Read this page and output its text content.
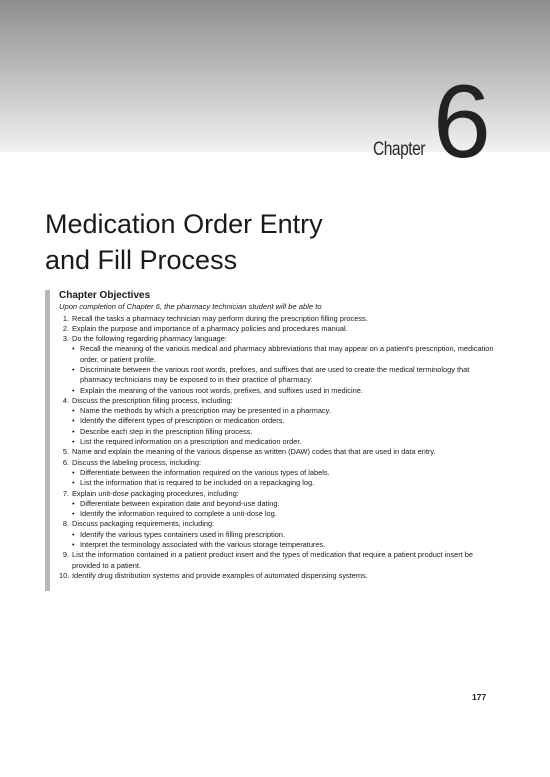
Chapter 6
Medication Order Entry
and Fill Process

Chapter Objectives

Upon completion of Chapter 6, the pharmacy technician student will be able to

1. Recall the tasks a pharmacy technician may perform during the prescription filling process.
2. Explain the purpose and importance of a pharmacy policies and procedures manual.
3. Do the following regarding pharmacy language:
• Recall the meaning of the various medical and pharmacy abbreviations that may appear on a patient's prescription, medication order, or patient profile.
• Discriminate between the various root words, prefixes, and suffixes that are used to create the medical terminology that pharmacy technicians may be exposed to in their practice of pharmacy.
• Explain the meaning of the various root words, prefixes, and suffixes used in medicine.
4. Discuss the prescription filling process, including:
• Name the methods by which a prescription may be presented in a pharmacy.
• Identify the different types of prescription or medication orders.
• Describe each step in the prescription filling process.
• List the required information on a prescription and medication order.
5. Name and explain the meaning of the various dispense as written (DAW) codes that that are used in data entry.
6. Discuss the labeling process, including:
• Differentiate between the information required on the various types of labels.
• List the information that is required to be included on a repackaging log.
7. Explain unit-dose packaging procedures, including:
• Differentiate between expiration date and beyond-use dating.
• Identify the information required to complete a unit-dose log.
8. Discuss packaging requirements, including:
• Identify the various types containers used in filling prescription.
• Interpret the terminology associated with the various storage temperatures.
9. List the information contained in a patient product insert and the types of medication that require a patient product insert be provided to a patient.
10. Identify drug distribution systems and provide examples of automated dispensing systems.
177
